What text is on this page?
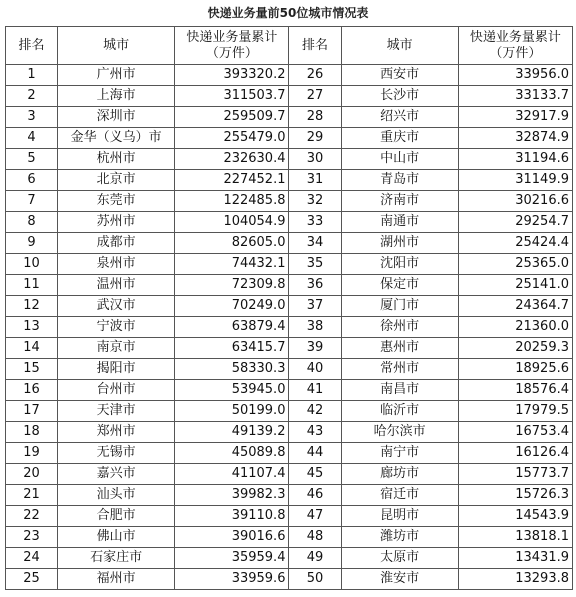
快递业务量前50位城市情况表
排名	城市	快递业务量累计
（万件）	排名	城市	快递业务量累计
（万件）
1	广州市	393320.2	26	西安市	33956.0
2	上海市	311503.7	27	长沙市	33133.7
3	深圳市	259509.7	28	绍兴市	32917.9
4	金华（义乌）市	255479.0	29	重庆市	32874.9
5	杭州市	232630.4	30	中山市	31194.6
6	北京市	227452.1	31	青岛市	31149.9
7	东莞市	122485.8	32	济南市	30216.6
8	苏州市	104054.9	33	南通市	29254.7
9	成都市	82605.0	34	湖州市	25424.4
10	泉州市	74432.1	35	沈阳市	25365.0
11	温州市	72309.8	36	保定市	25141.0
12	武汉市	70249.0	37	厦门市	24364.7
13	宁波市	63879.4	38	徐州市	21360.0
14	南京市	63415.7	39	惠州市	20259.3
15	揭阳市	58330.3	40	常州市	18925.6
16	台州市	53945.0	41	南昌市	18576.4
17	天津市	50199.0	42	临沂市	17979.5
18	郑州市	49139.2	43	哈尔滨市	16753.4
19	无锡市	45089.8	44	南宁市	16126.4
20	嘉兴市	41107.4	45	廊坊市	15773.7
21	汕头市	39982.3	46	宿迁市	15726.3
22	合肥市	39110.8	47	昆明市	14543.9
23	佛山市	39016.6	48	潍坊市	13818.1
24	石家庄市	35959.4	49	太原市	13431.9
25	福州市	33959.6	50	淮安市	13293.8
